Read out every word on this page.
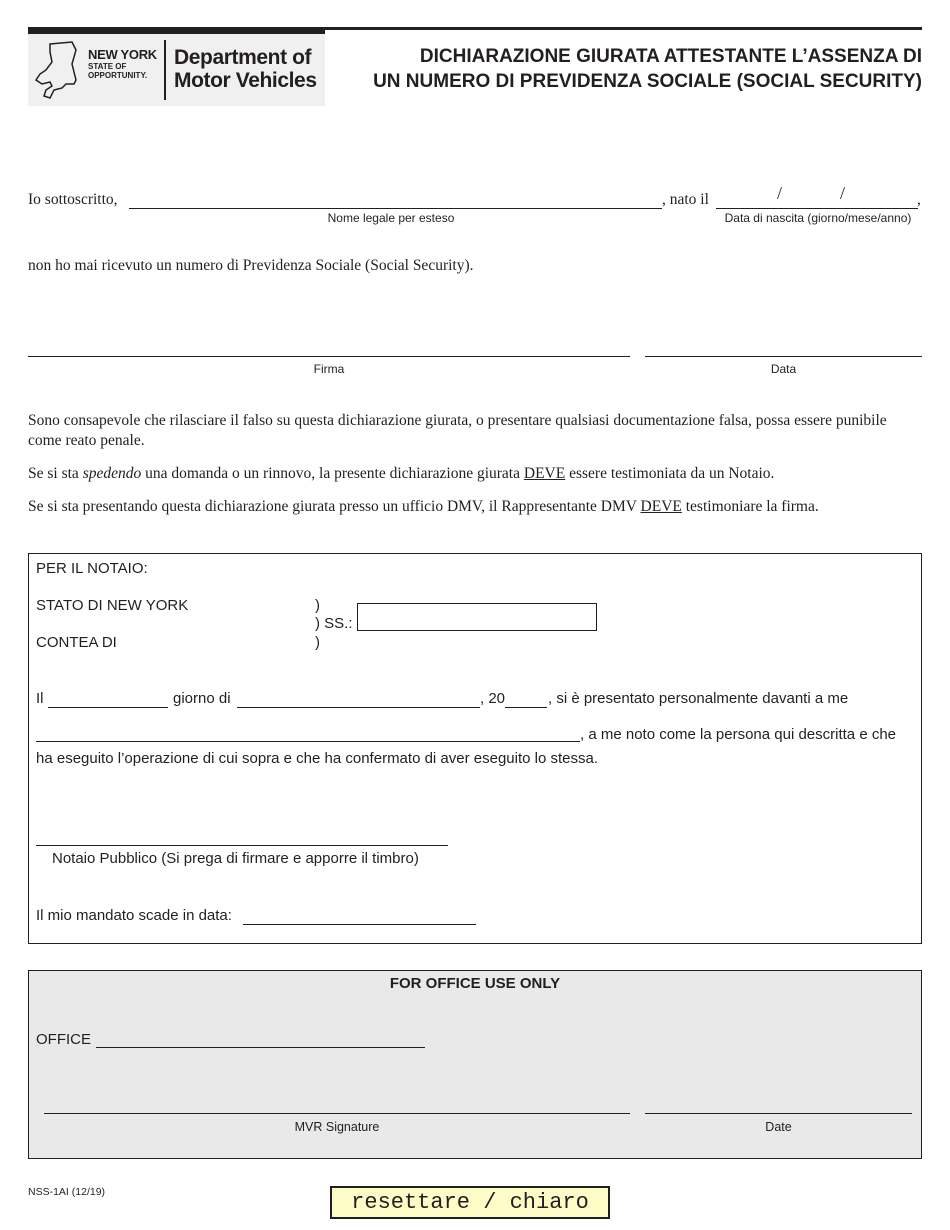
NEW YORK
STATE OF
OPPORTUNITY.
Department of
Motor Vehicles
DICHIARAZIONE GIURATA ATTESTANTE L’ASSENZA DI
UN NUMERO DI PREVIDENZA SOCIALE (SOCIAL SECURITY)
Io sottoscritto,	, nato il	/	/	,
Nome legale per esteso	Data di nascita (giorno/mese/anno)
non ho mai ricevuto un numero di Previdenza Sociale (Social Security).
Firma	Data
Sono consapevole che rilasciare il falso su questa dichiarazione giurata, o presentare qualsiasi documentazione falsa, possa essere punibile come reato penale.
Se si sta spedendo una domanda o un rinnovo, la presente dichiarazione giurata DEVE essere testimoniata da un Notaio.
Se si sta presentando questa dichiarazione giurata presso un ufficio DMV, il Rappresentante DMV DEVE testimoniare la firma.
PER IL NOTAIO:
STATO DI NEW YORK
CONTEA DI
)
) SS.:
)
Il	giorno di	, 20	, si è presentato personalmente davanti a me
, a me noto come la persona qui descritta e che
ha eseguito l’operazione di cui sopra e che ha confermato di aver eseguito lo stessa.
Notaio Pubblico (Si prega di firmare e apporre il timbro)
Il mio mandato scade in data:
FOR OFFICE USE ONLY
OFFICE
MVR Signature	Date
NSS-1AI (12/19)	resettare / chiaro
